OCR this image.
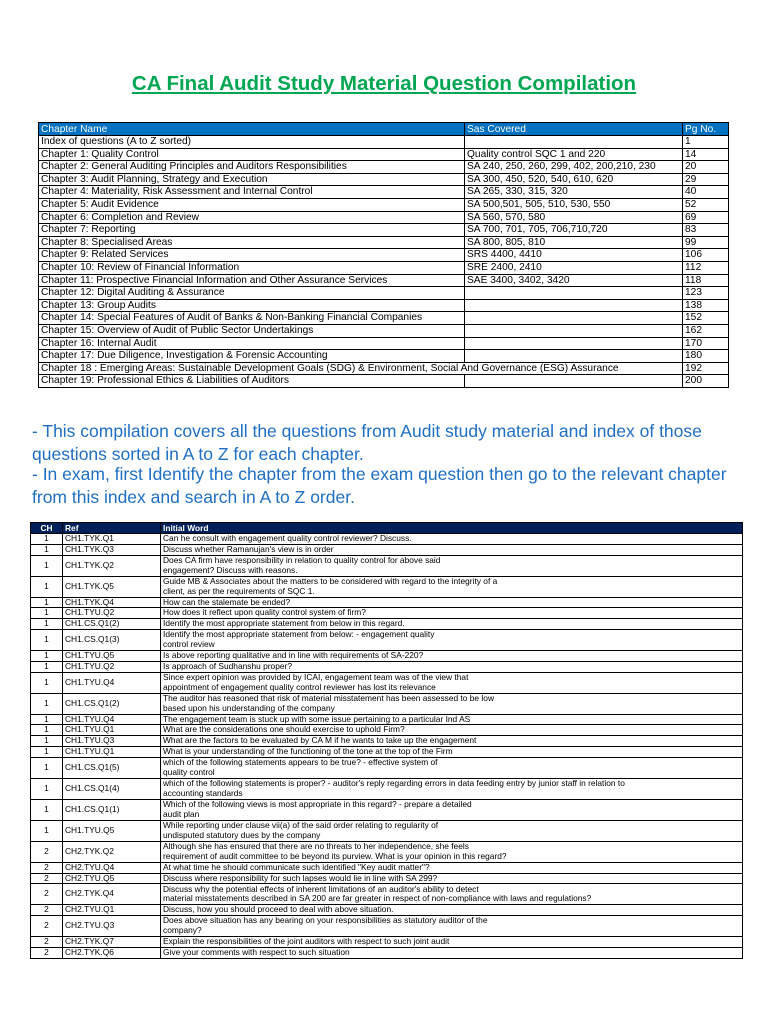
CA Final Audit Study Material Question Compilation
Chapter Name	Sas Covered	Pg No.
Index of questions (A to Z sorted)		1
Chapter 1: Quality Control	Quality control SQC 1 and 220	14
Chapter 2: General Auditing Principles and Auditors Responsibilities	SA 240, 250, 260, 299, 402, 200,210, 230	20
Chapter 3: Audit Planning, Strategy and Execution	SA 300, 450, 520, 540, 610, 620	29
Chapter 4: Materiality, Risk Assessment and Internal Control	SA 265, 330, 315, 320	40
Chapter 5: Audit Evidence	SA 500,501, 505, 510, 530, 550	52
Chapter 6: Completion and Review	SA 560, 570, 580	69
Chapter 7: Reporting	SA 700, 701, 705, 706,710,720	83
Chapter 8: Specialised Areas	SA 800, 805, 810	99
Chapter 9: Related Services	SRS 4400, 4410	106
Chapter 10: Review of Financial Information	SRE 2400, 2410	112
Chapter 11: Prospective Financial Information and Other Assurance Services	SAE 3400, 3402, 3420	118
Chapter 12: Digital Auditing & Assurance		123
Chapter 13: Group Audits		138
Chapter 14: Special Features of Audit of Banks & Non-Banking Financial Companies		152
Chapter 15: Overview of Audit of Public Sector Undertakings		162
Chapter 16: Internal Audit		170
Chapter 17: Due Diligence, Investigation & Forensic Accounting		180
Chapter 18 : Emerging Areas: Sustainable Development Goals (SDG) & Environment, Social And Governance (ESG) Assurance		192
Chapter 19: Professional Ethics & Liabilities of Auditors		200
- This compilation covers all the questions from Audit study material and index of those questions sorted in A to Z for each chapter.
- In exam, first Identify the chapter from the exam question then go to the relevant chapter from this index and search in A to Z order.
CH	Ref	Initial Word
1	CH1.TYK.Q1	Can he consult with engagement quality control reviewer? Discuss.

1	CH1.TYK.Q3	Discuss whether Ramanujan's view is in order

1	CH1.TYK.Q2	Does CA firm have responsibility in relation to quality control for above said
engagement? Discuss with reasons.

1	CH1.TYK.Q5	Guide MB & Associates about the matters to be considered with regard to the integrity of a
client, as per the requirements of SQC 1.

1	CH1.TYK.Q4	How can the stalemate be ended?

1	CH1.TYU.Q2	How does it reflect upon quality control system of firm?

1	CH1.CS.Q1(2)	Identify the most appropriate statement from below in this regard.

1	CH1.CS.Q1(3)	Identify the most appropriate statement from below: - engagement quality
control review

1	CH1.TYU.Q5	Is above reporting qualitative and in line with requirements of SA-220?

1	CH1.TYU.Q2	Is approach of Sudhanshu proper?

1	CH1.TYU.Q4	Since expert opinion was provided by ICAI, engagement team was of the view that
appointment of engagement quality control reviewer has lost its relevance

1	CH1.CS.Q1(2)	The auditor has reasoned that risk of material misstatement has been assessed to be low
based upon his understanding of the company

1	CH1.TYU.Q4	The engagement team is stuck up with some issue pertaining to a particular Ind AS

1	CH1.TYU.Q1	What are the considerations one should exercise to uphold Firm?

1	CH1.TYU.Q3	What are the factors to be evaluated by CA M if he wants to take up the engagement

1	CH1.TYU.Q1	What is your understanding of the functioning of the tone at the top of the Firm

1	CH1.CS.Q1(5)	which of the following statements appears to be true? - effective system of
quality control

1	CH1.CS.Q1(4)	which of the following statements is proper? - auditor's reply regarding errors in data feeding entry by junior staff in relation to
accounting standards

1	CH1.CS.Q1(1)	Which of the following views is most appropriate in this regard? - prepare a detailed
audit plan

1	CH1.TYU.Q5	While reporting under clause vii(a) of the said order relating to regularity of
undisputed statutory dues by the company

2	CH2.TYK.Q2	Although she has ensured that there are no threats to her independence, she feels
requirement of audit committee to be beyond its purview. What is your opinion in this regard?

2	CH2.TYU.Q4	At what time he should communicate such identified "Key audit matter"?

2	CH2.TYU.Q5	Discuss where responsibility for such lapses would lie in line with SA 299?

2	CH2.TYK.Q4	Discuss why the potential effects of inherent limitations of an auditor's ability to detect
material misstatements described in SA 200 are far greater in respect of non-compliance with laws and regulations?

2	CH2.TYU.Q1	Discuss, how you should proceed to deal with above situation.

2	CH2.TYU.Q3	Does above situation has any bearing on your responsibilities as statutory auditor of the
company?

2	CH2.TYK.Q7	Explain the responsibilities of the joint auditors with respect to such joint audit

2	CH2.TYK.Q6	Give your comments with respect to such situation
